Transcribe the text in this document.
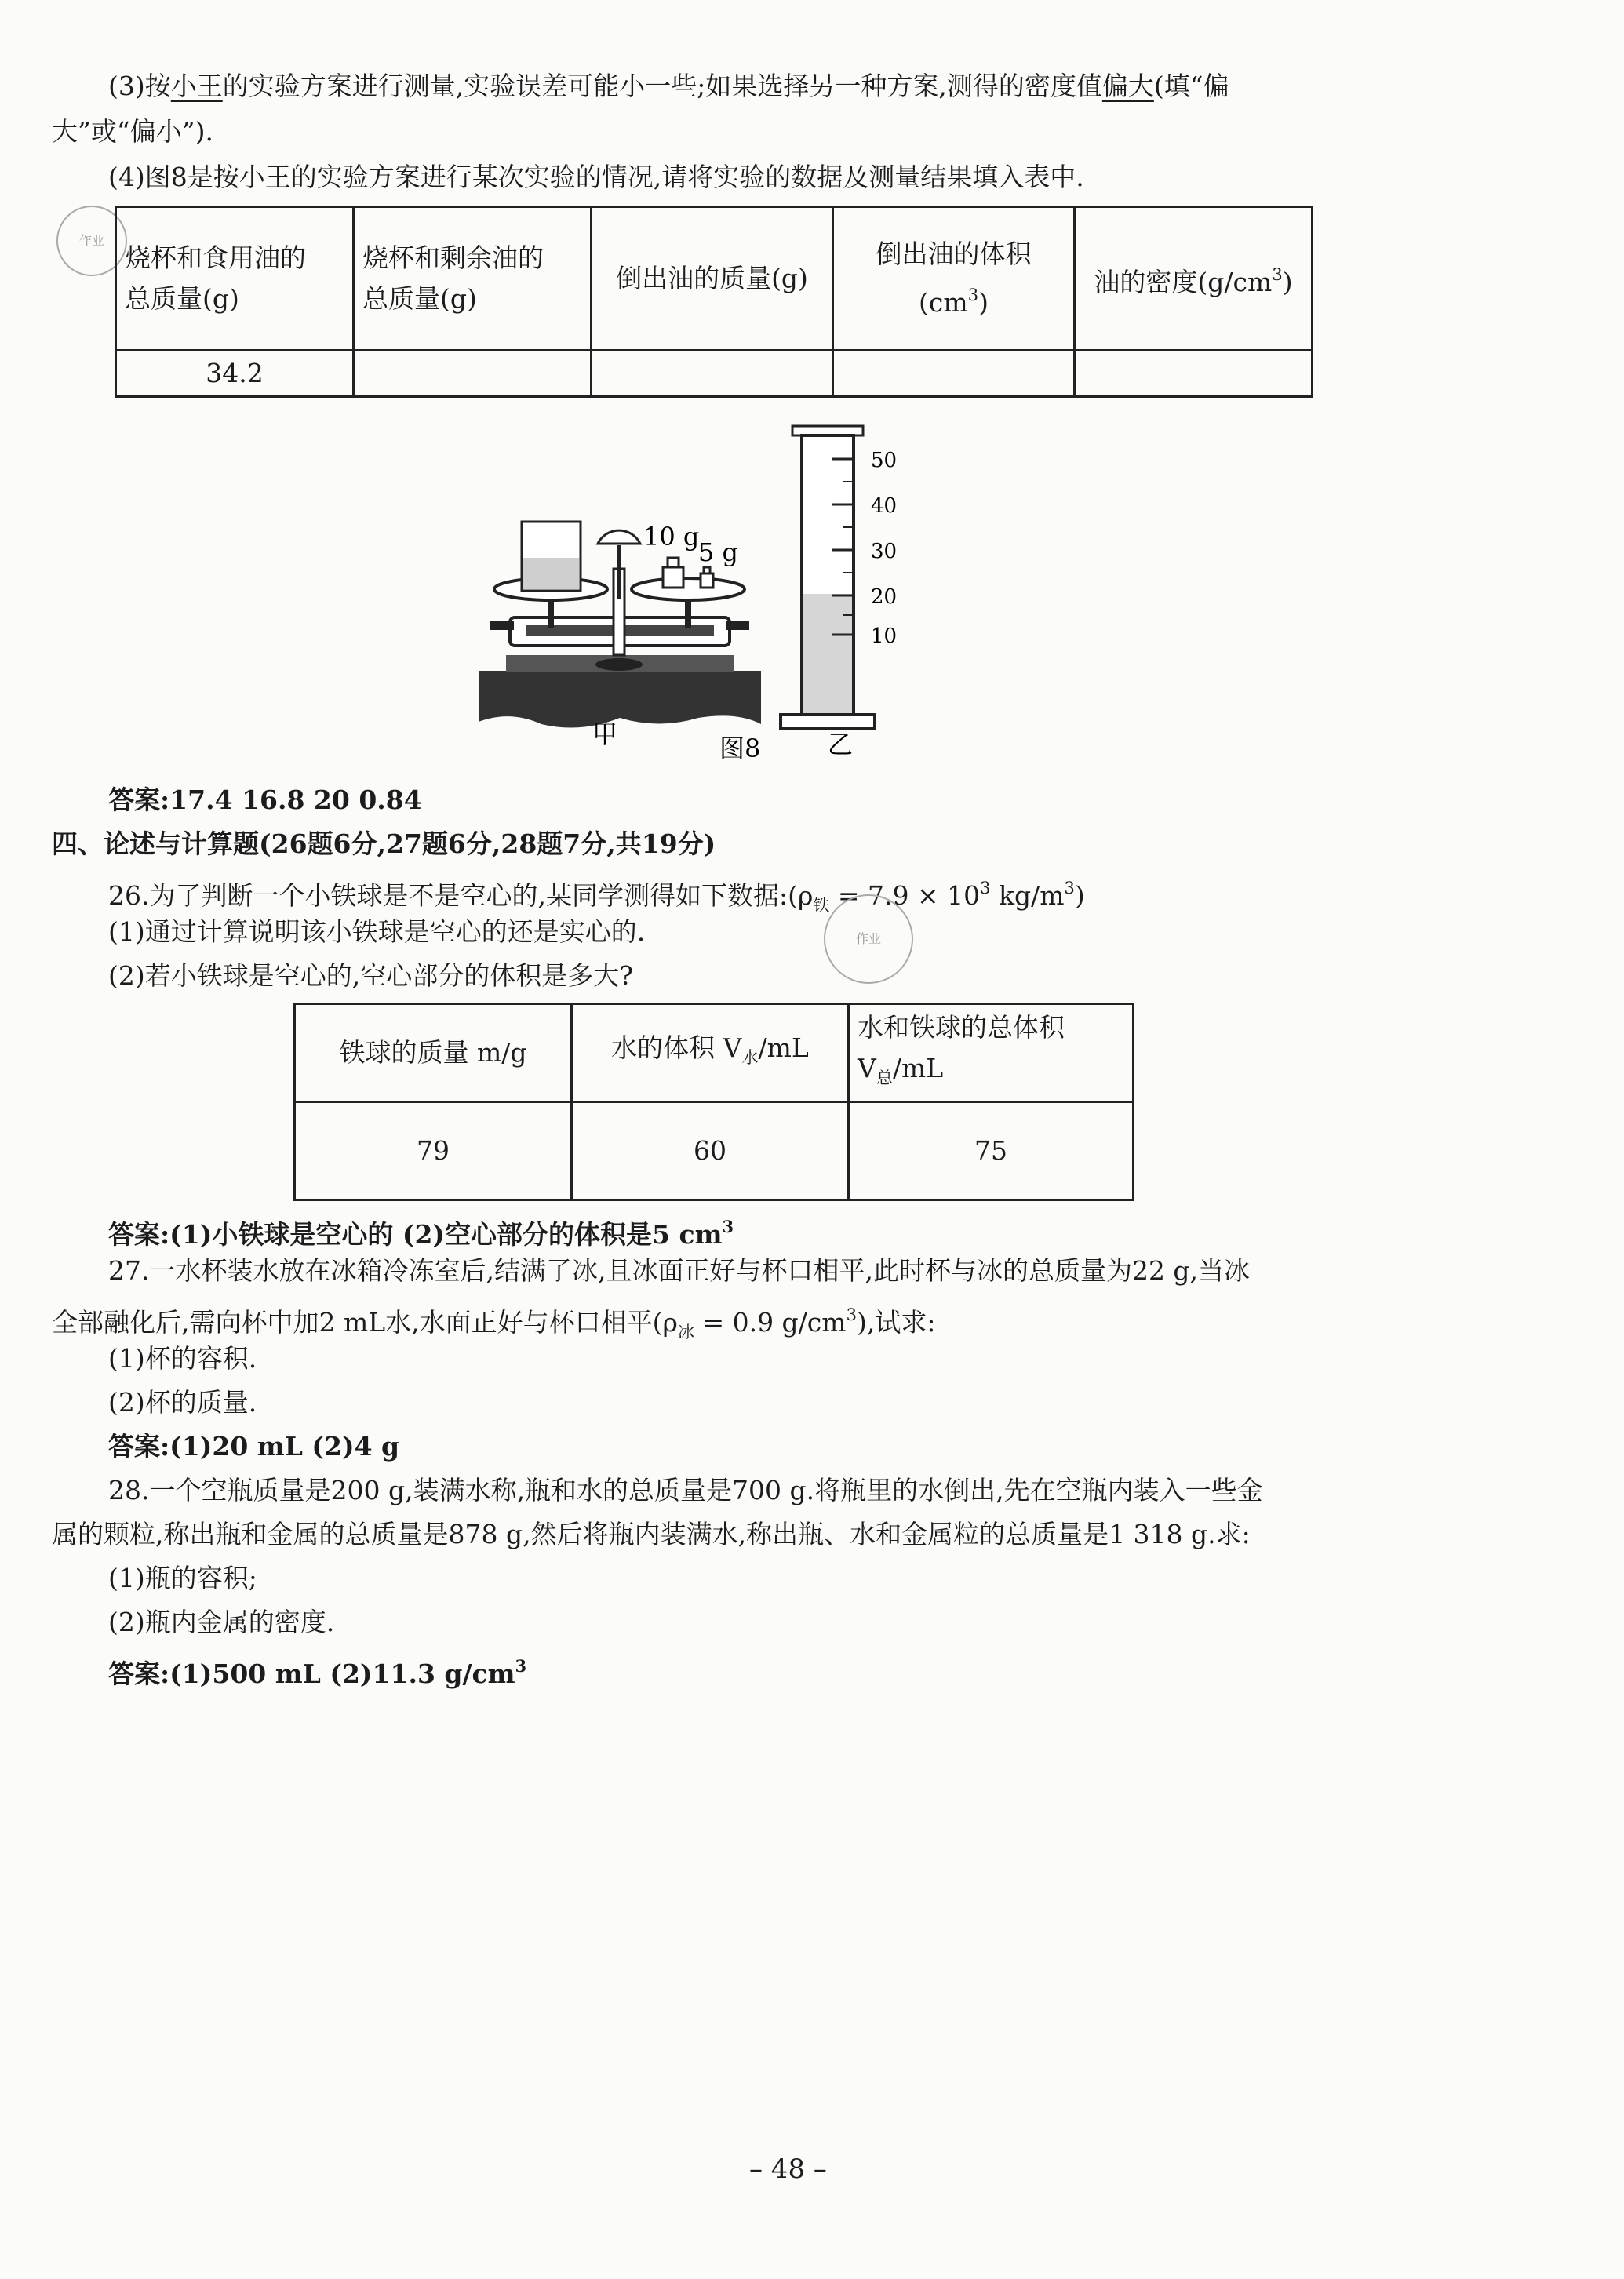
(3)按小王的实验方案进行测量,实验误差可能小一些;如果选择另一种方案,测得的密度值偏大(填“偏
大”或“偏小”).
(4)图8是按小王的实验方案进行某次实验的情况,请将实验的数据及测量结果填入表中.
作业
烧杯和食用油的
总质量(g)	烧杯和剩余油的
总质量(g)	倒出油的质量(g)	倒出油的体积$(cm^3)$	油的密度$(g/cm^3)$
34.2				
10 g
5 g
50
40
30
20
10
甲	图8	乙
答案:17.4 16.8 20 0.84
四、论述与计算题(26题6分,27题6分,28题7分,共19分)
26.为了判断一个小铁球是不是空心的,某同学测得如下数据$:(\rho_铁 = 7.9 \times 10^3$ $kg/m^3$)
(1)通过计算说明该小铁球是空心的还是实心的.
(2)若小铁球是空心的,空心部分的体积是多大?
作业
铁球的质量 m/g	水的体积 $V_水/mL$	水和铁球的总体积
$V_总/mL$
79	60	75
答案:(1)小铁球是空心的 (2)空心部分的体积是5 $cm^3$
27.一水杯装水放在冰箱冷冻室后,结满了冰,且冰面正好与杯口相平,此时杯与冰的总质量为22 g,当冰
全部融化后,需向杯中加2 mL水,水面正好与杯口相平($\rho_冰 = 0.9$ $g/cm^3$),试求:
(1)杯的容积.
(2)杯的质量.
答案:(1)20 mL (2)4 g
28.一个空瓶质量是200 g,装满水称,瓶和水的总质量是700 g.将瓶里的水倒出,先在空瓶内装入一些金
属的颗粒,称出瓶和金属的总质量是878 g,然后将瓶内装满水,称出瓶、水和金属粒的总质量是1 318 g.求:
(1)瓶的容积;
(2)瓶内金属的密度.
答案:(1)500 mL (2)11.3 $g/cm^3$
– 48 –
